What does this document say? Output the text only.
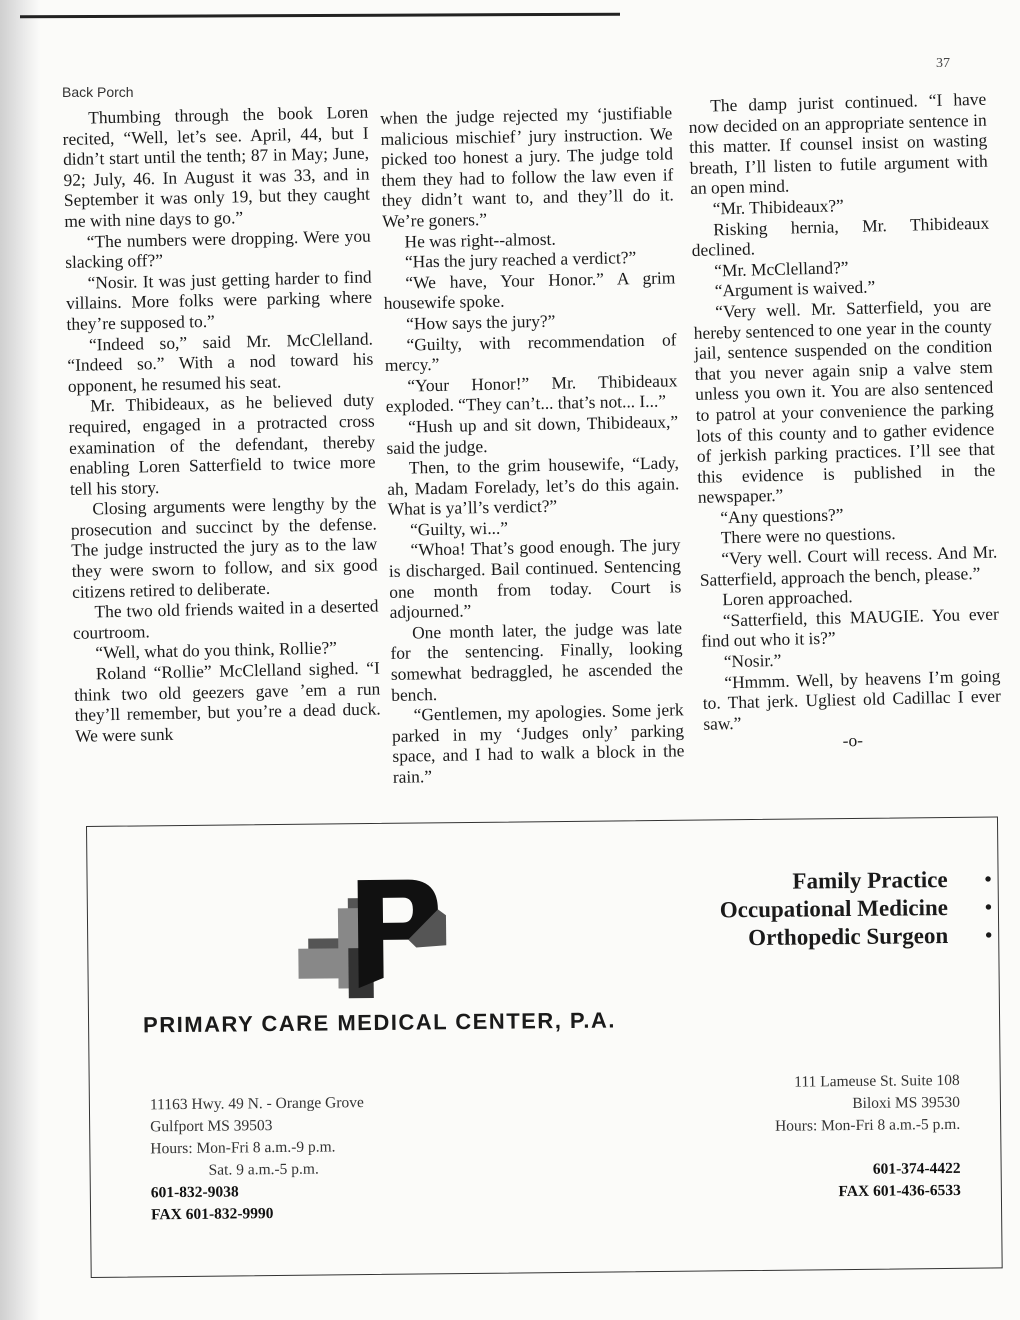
Back Porch
37

Thumbing through the book Loren recited, “Well, let’s see. April, 44, but I didn’t start until the tenth; 87 in May; June, 92; July, 46. In August it was 33, and in September it was only 19, but they caught me with nine days to go.”

“The numbers were dropping. Were you slacking off?”

“Nosir. It was just getting harder to find villains. More folks were parking where they’re supposed to.”

“Indeed so,” said Mr. McClelland. “Indeed so.” With a nod toward his opponent, he resumed his seat.

Mr. Thibideaux, as he believed duty required, engaged in a protracted cross examination of the defendant, thereby enabling Loren Satterfield to twice more tell his story.

Closing arguments were lengthy by the prosecution and succinct by the defense. The judge instructed the jury as to the law they were sworn to follow, and six good citizens retired to deliberate.

The two old friends waited in a deserted courtroom.

“Well, what do you think, Rollie?”

Roland “Rollie” McClelland sighed. “I think two old geezers gave ’em a run they’ll remember, but you’re a dead duck. We were sunk

when the judge rejected my ‘justifiable malicious mischief’ jury instruction. We picked too honest a jury. The judge told them they had to follow the law even if they didn’t want to, and they’ll do it. We’re goners.”

He was right--almost.

“Has the jury reached a verdict?”

“We have, Your Honor.” A grim housewife spoke.

“How says the jury?”

“Guilty, with recommendation of mercy.”

“Your Honor!” Mr. Thibideaux exploded. “They can’t... that’s not... I...”

“Hush up and sit down, Thibideaux,” said the judge.

Then, to the grim housewife, “Lady, ah, Madam Forelady, let’s do this again. What is ya’ll’s verdict?”

“Guilty, wi...”

“Whoa! That’s good enough. The jury is discharged. Bail continued. Sentencing one month from today. Court is adjourned.”

One month later, the judge was late for the sentencing. Finally, looking somewhat bedraggled, he ascended the bench.

“Gentlemen, my apologies. Some jerk parked in my ‘Judges only’ parking space, and I had to walk a block in the rain.”

The damp jurist continued. “I have now decided on an appropriate sentence in this matter. If counsel insist on wasting breath, I’ll listen to futile argument with an open mind.

“Mr. Thibideaux?”

Risking hernia, Mr. Thibideaux declined.

“Mr. McClelland?”

“Argument is waived.”

“Very well. Mr. Satterfield, you are hereby sentenced to one year in the county jail, sentence suspended on the condition that you never again snip a valve stem unless you own it. You are also sentenced to patrol at your convenience the parking lots of this county and to gather evidence of jerkish parking practices. I’ll see that this evidence is published in the newspaper.”

“Any questions?”

There were no questions.

“Very well. Court will recess. And Mr. Satterfield, approach the bench, please.”

Loren approached.

“Satterfield, this MAUGIE. You ever find out who it is?”

“Nosir.”

“Hmmm. Well, by heavens I’m going to. That jerk. Ugliest old Cadillac I ever saw.”

-o-

Family Practice •
Occupational Medicine •
Orthopedic Surgeon •
PRIMARY CARE MEDICAL CENTER, P.A.
11163 Hwy. 49 N. - Orange Grove
Gulfport MS 39503
Hours: Mon-Fri 8 a.m.-9 p.m.
Sat. 9 a.m.-5 p.m.
601-832-9038
FAX 601-832-9990
111 Lameuse St. Suite 108
Biloxi MS 39530
Hours: Mon-Fri 8 a.m.-5 p.m.
601-374-4422
FAX 601-436-6533
